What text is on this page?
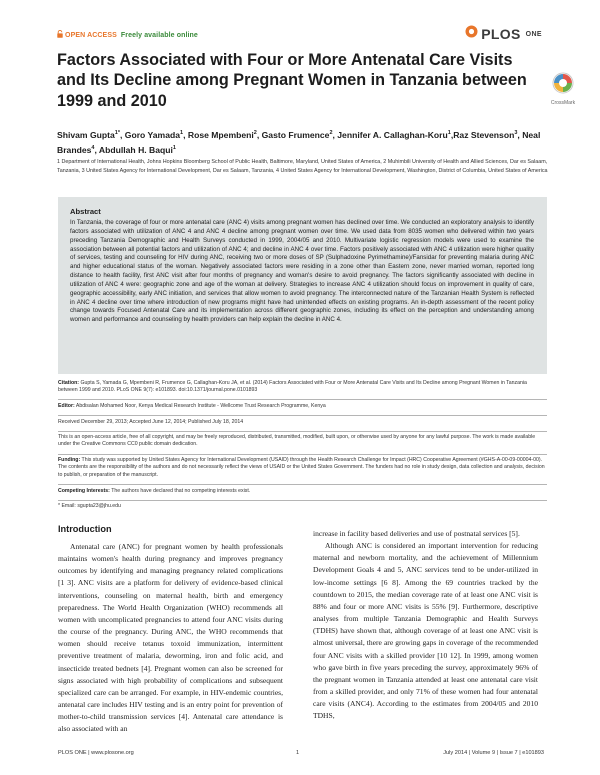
OPEN ACCESS Freely available online	PLOS ONE
Factors Associated with Four or More Antenatal Care Visits and Its Decline among Pregnant Women in Tanzania between 1999 and 2010	CrossMark
Shivam Gupta$^{1*}$, Goro Yamada$^1$, Rose Mpembeni$^2$, Gasto Frumence$^2$, Jennifer A. Callaghan-Koru$^1$,Raz Stevenson$^3$, Neal Brandes$^4$, Abdullah H. Baqui$^1$
1 Department of International Health, Johns Hopkins Bloomberg School of Public Health, Baltimore, Maryland, United States of America, 2 Muhimbili University of Health and Allied Sciences, Dar es Salaam, Tanzania, 3 United States Agency for International Development, Dar es Salaam, Tanzania, 4 United States Agency for International Development, Washington, District of Columbia, United States of America
Abstract

In Tanzania, the coverage of four or more antenatal care (ANC 4) visits among pregnant women has declined over time. We conducted an exploratory analysis to identify factors associated with utilization of ANC 4 and ANC 4 decline among pregnant women over time. We used data from 8035 women who delivered within two years preceding Tanzania Demographic and Health Surveys conducted in 1999, 2004/05 and 2010. Multivariate logistic regression models were used to examine the association between all potential factors and utilization of ANC 4; and decline in ANC 4 over time. Factors positively associated with ANC 4 utilization were higher quality of services, testing and counseling for HIV during ANC, receiving two or more doses of SP (Sulphadoxine Pyrimethamine)/Fansidar for preventing malaria during ANC and higher educational status of the woman. Negatively associated factors were residing in a zone other than Eastern zone, never married woman, reported long distance to health facility, first ANC visit after four months of pregnancy and woman's desire to avoid pregnancy. The factors significantly associated with decline in utilization of ANC 4 were: geographic zone and age of the woman at delivery. Strategies to increase ANC 4 utilization should focus on improvement in quality of care, geographic accessibility, early ANC initiation, and services that allow women to avoid pregnancy. The interconnected nature of the Tanzanian Health System is reflected in ANC 4 decline over time where introduction of new programs might have had unintended effects on existing programs. An in-depth assessment of the recent policy change towards Focused Antenatal Care and its implementation across different geographic zones, including its effect on the perception and understanding among women and performance and counseling by health providers can help explain the decline in ANC 4.

Citation: Gupta S, Yamada G, Mpembeni R, Frumence G, Callaghan-Koru JA, et al. (2014) Factors Associated with Four or More Antenatal Care Visits and Its Decline among Pregnant Women in Tanzania between 1999 and 2010. PLoS ONE 9(7): e101893. doi:10.1371/journal.pone.0101893
Editor: Abdisalan Mohamed Noor, Kenya Medical Research Institute - Wellcome Trust Research Programme, Kenya
Received December 29, 2013; Accepted June 12, 2014; Published July 18, 2014
This is an open-access article, free of all copyright, and may be freely reproduced, distributed, transmitted, modified, built upon, or otherwise used by anyone for any lawful purpose. The work is made available under the Creative Commons CC0 public domain dedication.
Funding: This study was supported by United States Agency for International Development (USAID) through the Health Research Challenge for Impact (HRC) Cooperative Agreement (#GHS-A-00-09-00004-00). The contents are the responsibility of the authors and do not necessarily reflect the views of USAID or the United States Government. The funders had no role in study design, data collection and analysis, decision to publish, or preparation of the manuscript.
Competing Interests: The authors have declared that no competing interests exist.
* Email: sgupta23@jhu.edu
Introduction

Antenatal care (ANC) for pregnant women by health professionals maintains women's health during pregnancy and improves pregnancy outcomes by identifying and managing pregnancy related complications [1 3]. ANC visits are a platform for delivery of evidence-based clinical interventions, counseling on maternal health, birth and emergency preparedness. The World Health Organization (WHO) recommends all women with uncomplicated pregnancies to attend four ANC visits during the course of the pregnancy. During ANC, the WHO recommends that women should receive tetanus toxoid immunization, intermittent preventive treatment of malaria, deworming, iron and folic acid, and insecticide treated bednets [4]. Pregnant women can also be screened for signs associated with high probability of complications and subsequent specialized care can be arranged. For example, in HIV-endemic countries, antenatal care includes HIV testing and is an entry point for prevention of mother-to-child transmission services [4]. Antenatal care attendance is also associated with an

increase in facility based deliveries and use of postnatal services [5].

Although ANC is considered an important intervention for reducing maternal and newborn mortality, and the achievement of Millennium Development Goals 4 and 5, ANC services tend to be under-utilized in low-income settings [6 8]. Among the 69 countries tracked by the countdown to 2015, the median coverage rate of at least one ANC visit is 88% and four or more ANC visits is 55% [9]. Furthermore, descriptive analyses from multiple Tanzania Demographic and Health Surveys (TDHS) have shown that, although coverage of at least one ANC visit is almost universal, there are growing gaps in coverage of the recommended four ANC visits with a skilled provider [10 12]. In 1999, among women who gave birth in five years preceding the survey, approximately 96% of the pregnant women in Tanzania attended at least one antenatal care visit from a skilled provider, and only 71% of these women had four antenatal care visits (ANC4). According to the estimates from 2004/05 and 2010 TDHS,

PLOS ONE | www.plosone.org	1	July 2014 | Volume 9 | Issue 7 | e101893
